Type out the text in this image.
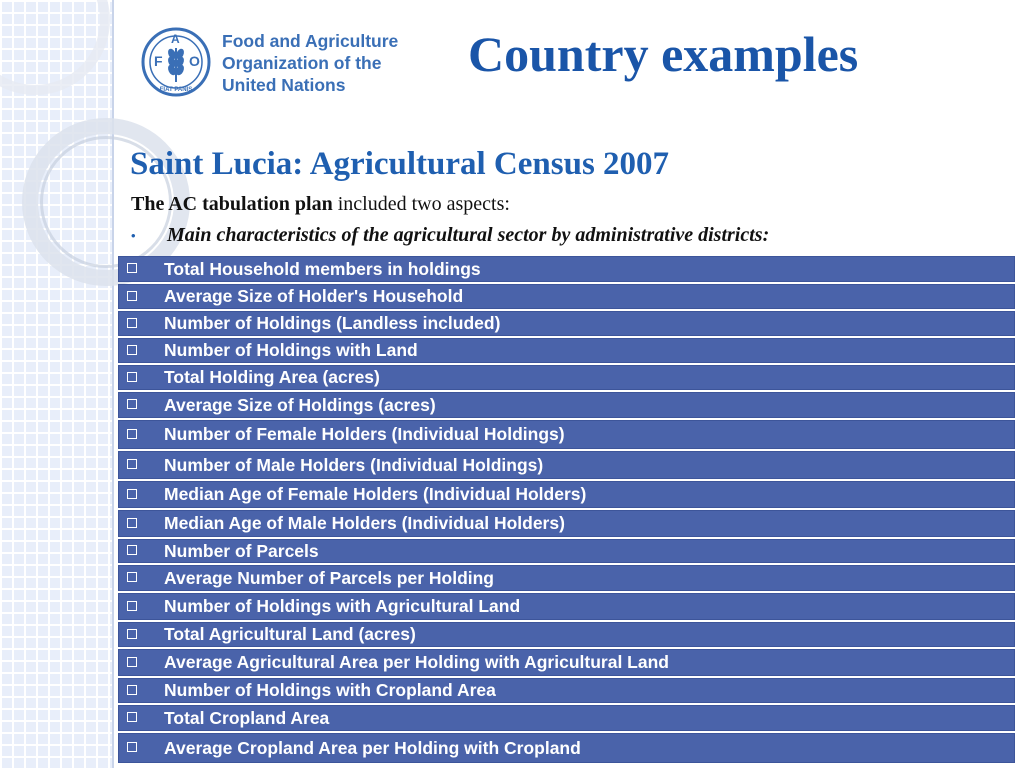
F
A
O
FIAT PANIS
Food and Agriculture
Organization of the
United Nations
Country examples
Saint Lucia: Agricultural Census 2007
The AC tabulation plan included two aspects:
• Main characteristics of the agricultural sector by administrative districts:
Total Household members in holdings
Average Size of Holder's Household
Number of Holdings (Landless included)
Number of Holdings with Land
Total Holding Area (acres)
Average Size of Holdings (acres)
Number of Female Holders (Individual Holdings)
Number of Male Holders (Individual Holdings)
Median Age of Female Holders (Individual Holders)
Median Age of Male Holders (Individual Holders)
Number of Parcels
Average Number of Parcels per Holding
Number of Holdings with Agricultural Land
Total Agricultural Land (acres)
Average Agricultural Area per Holding with Agricultural Land
Number of Holdings with Cropland Area
Total Cropland Area
Average Cropland Area per Holding with Cropland
